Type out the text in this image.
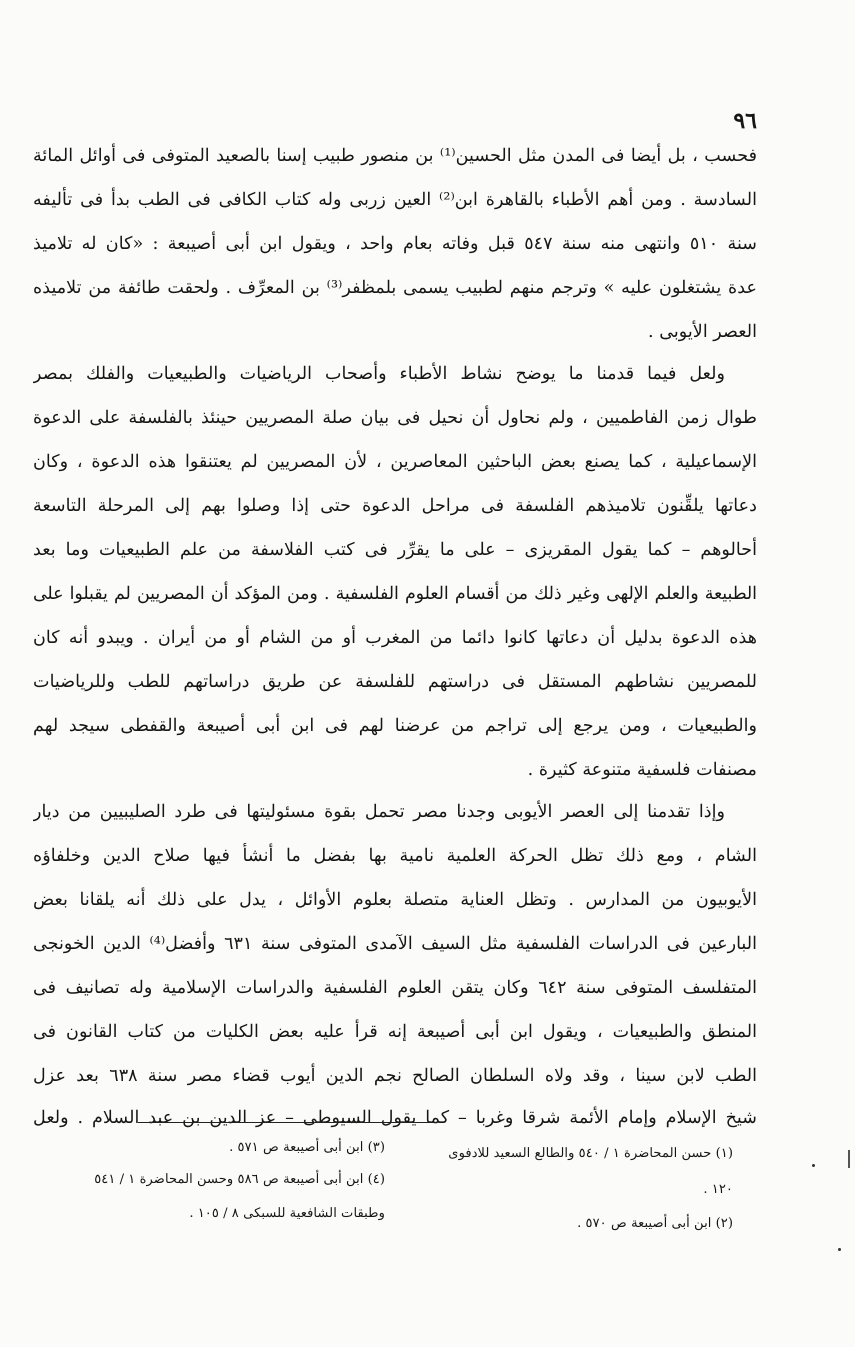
٩٦
فحسب ، بل أيضا فى المدن مثل الحسين⁽¹⁾ بن منصور طبيب إسنا بالصعيد المتوفى فى أوائل المائة
السادسة . ومن أهم الأطباء بالقاهرة ابن⁽²⁾ العين زربى وله كتاب الكافى فى الطب بدأ فى تأليفه
سنة ٥١٠ وانتهى منه سنة ٥٤٧ قبل وفاته بعام واحد ، ويقول ابن أبى أصيبعة : «كان له تلاميذ
عدة يشتغلون عليه » وترجم منهم لطبيب يسمى بلمظفر⁽³⁾ بن المعرِّف . ولحقت طائفة من تلاميذه
العصر الأيوبى .
ولعل فيما قدمنا ما يوضح نشاط الأطباء وأصحاب الرياضيات والطبيعيات والفلك بمصر
طوال زمن الفاطميين ، ولم نحاول أن نحيل فى بيان صلة المصريين حينئذ بالفلسفة على الدعوة
الإسماعيلية ، كما يصنع بعض الباحثين المعاصرين ، لأن المصريين لم يعتنقوا هذه الدعوة ، وكان
دعاتها يلقِّنون تلاميذهم الفلسفة فى مراحل الدعوة حتى إذا وصلوا بهم إلى المرحلة التاسعة
أحالوهم – كما يقول المقريزى – على ما يقرِّر فى كتب الفلاسفة من علم الطبيعيات وما بعد
الطبيعة والعلم الإلهى وغير ذلك من أقسام العلوم الفلسفية . ومن المؤكد أن المصريين لم يقبلوا على
هذه الدعوة بدليل أن دعاتها كانوا دائما من المغرب أو من الشام أو من أيران . ويبدو أنه كان
للمصريين نشاطهم المستقل فى دراستهم للفلسفة عن طريق دراساتهم للطب وللرياضيات
والطبيعيات ، ومن يرجع إلى تراجم من عرضنا لهم فى ابن أبى أصيبعة والقفطى سيجد لهم
مصنفات فلسفية متنوعة كثيرة .
وإذا تقدمنا إلى العصر الأيوبى وجدنا مصر تحمل بقوة مسئوليتها فى طرد الصليبيين من ديار
الشام ، ومع ذلك تظل الحركة العلمية نامية بها بفضل ما أنشأ فيها صلاح الدين وخلفاؤه
الأيوبيون من المدارس . وتظل العناية متصلة بعلوم الأوائل ، يدل على ذلك أنه يلقانا بعض
البارعين فى الدراسات الفلسفية مثل السيف الآمدى المتوفى سنة ٦٣١ وأفضل⁽⁴⁾ الدين الخونجى
المتفلسف المتوفى سنة ٦٤٢ وكان يتقن العلوم الفلسفية والدراسات الإسلامية وله تصانيف فى
المنطق والطبيعيات ، ويقول ابن أبى أصيبعة إنه قرأ عليه بعض الكليات من كتاب القانون فى
الطب لابن سينا ، وقد ولاه السلطان الصالح نجم الدين أيوب قضاء مصر سنة ٦٣٨ بعد عزل
شيخ الإسلام وإمام الأئمة شرقا وغربا – كما يقول السيوطى – عز الدين بن عبد السلام . ولعل
(١) حسن المحاضرة ١ / ٥٤٠ والطالع السعيد للادفوى
١٢٠ .
(٢) ابن أبى أصيبعة ص ٥٧٠ .
(٣) ابن أبى أصيبعة ص ٥٧١ .
(٤) ابن أبى أصيبعة ص ٥٨٦ وحسن المحاضرة ١ / ٥٤١
وطبقات الشافعية للسبكى ٨ / ١٠٥ .
